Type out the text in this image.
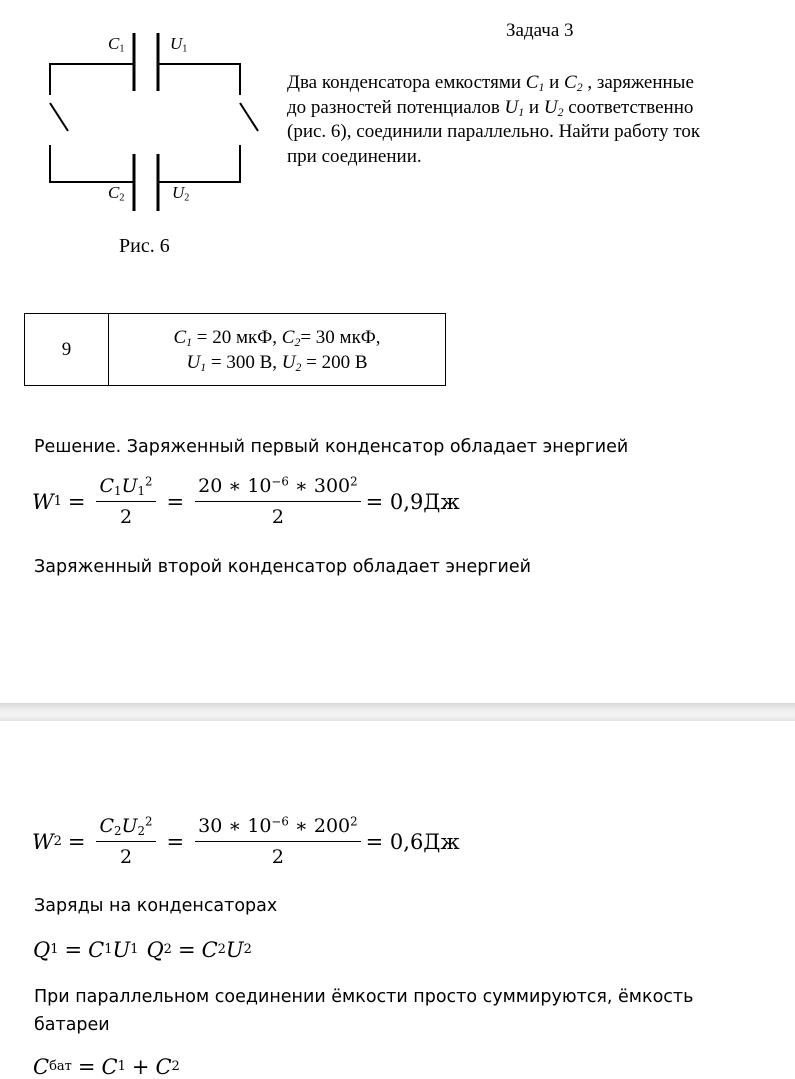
Задача 3
$C_1$	$U_1$
$C_2$	$U_2$
Рис. 6
Два конденсатора емкостями $C_1$ и $C_2$ , заряженные
до разностей потенциалов $U_1$ и $U_2$ соответственно
(рис. 6), соединили параллельно. Найти работу ток
при соединении.
9	
$C_1 = 20$ мкФ, $C_2= 30$ мкФ,
$U_1 = 300$ В, $U_2 = 200$ В
Решение. Заряженный первый конденсатор обладает энергией
W $1 = \frac{C_1U_1^2}{2} = \frac{20 ∗ 10^{-6} ∗ 300^2}{2} = 0,9Дж$
Заряженный второй конденсатор обладает энергией
W $2 = \frac{C_2U_2^2}{2} = \frac{30 ∗ 10^{-6} ∗ 200^2}{2} = 0,6Дж$
Заряды на конденсаторах
Q 1 = C 1 U 1 Q 2 = C 2 U 2
При параллельном соединении ёмкости просто суммируются, ёмкость
батареи
C бат = C 1 + C 2
